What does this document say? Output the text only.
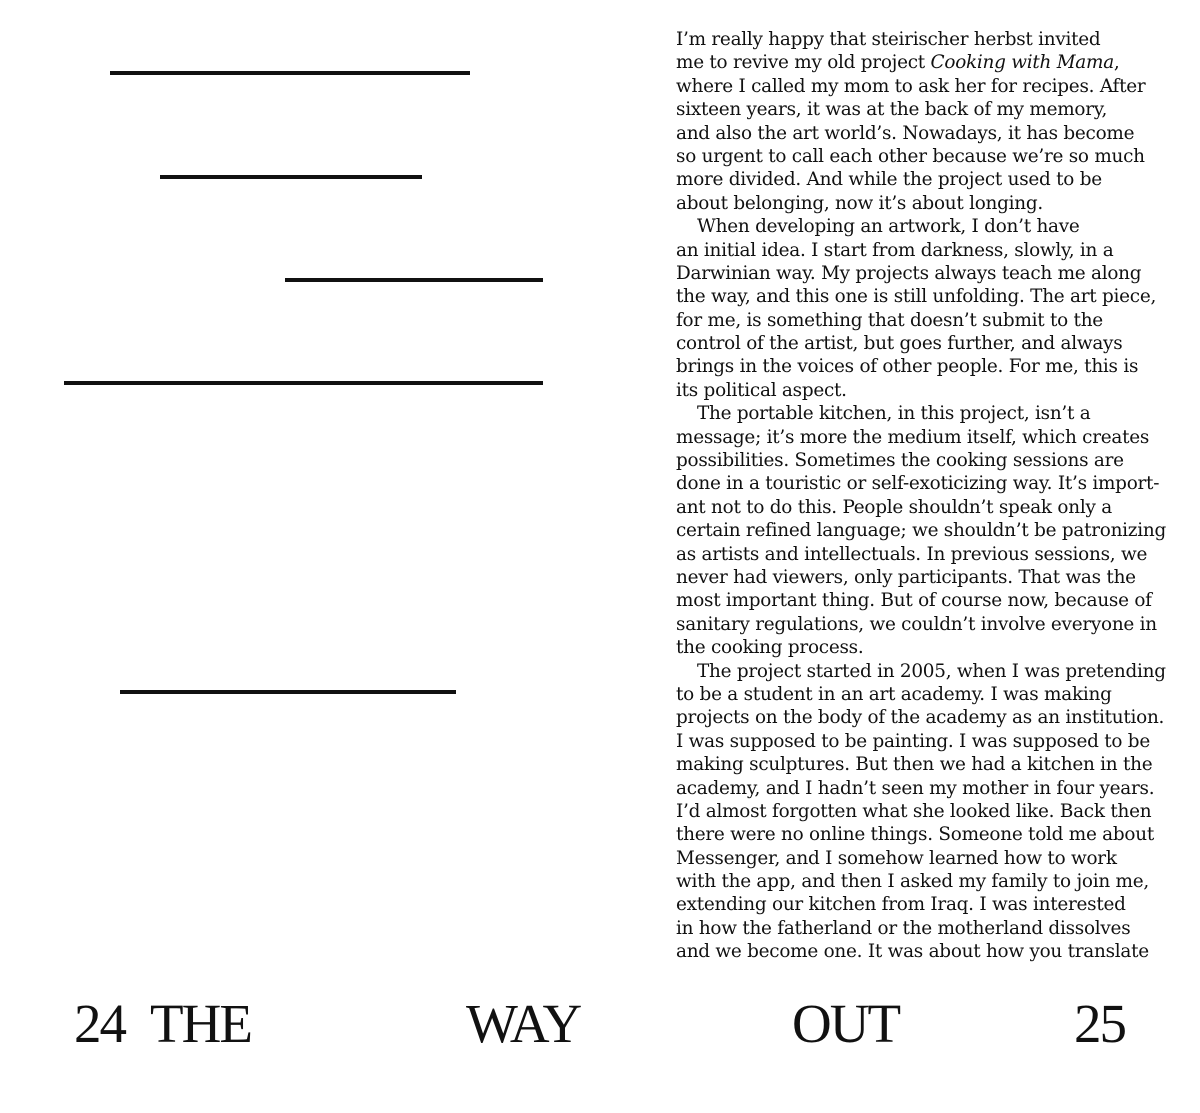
I’m really happy that steirischer herbst invited
me to revive my old project Cooking with Mama,
where I called my mom to ask her for recipes. After
sixteen years, it was at the back of my memory,
and also the art world’s. Nowadays, it has become
so urgent to call each other because we’re so much
more divided. And while the project used to be
about belonging, now it’s about longing.
When developing an artwork, I don’t have
an initial idea. I start from darkness, slowly, in a
Darwinian way. My projects always teach me along
the way, and this one is still unfolding. The art piece,
for me, is something that doesn’t submit to the
control of the artist, but goes further, and always
brings in the voices of other people. For me, this is
its political aspect.
The portable kitchen, in this project, isn’t a
message; it’s more the medium itself, which creates
possibilities. Sometimes the cooking sessions are
done in a touristic or self-exoticizing way. It’s import-
ant not to do this. People shouldn’t speak only a
certain refined language; we shouldn’t be patronizing
as artists and intellectuals. In previous sessions, we
never had viewers, only participants. That was the
most important thing. But of course now, because of
sanitary regulations, we couldn’t involve everyone in
the cooking process.
The project started in 2005, when I was pretending
to be a student in an art academy. I was making
projects on the body of the academy as an institution.
I was supposed to be painting. I was supposed to be
making sculptures. But then we had a kitchen in the
academy, and I hadn’t seen my mother in four years.
I’d almost forgotten what she looked like. Back then
there were no online things. Someone told me about
Messenger, and I somehow learned how to work
with the app, and then I asked my family to join me,
extending our kitchen from Iraq. I was interested
in how the fatherland or the motherland dissolves
and we become one. It was about how you translate
24 THE	WAY	OUT	25
